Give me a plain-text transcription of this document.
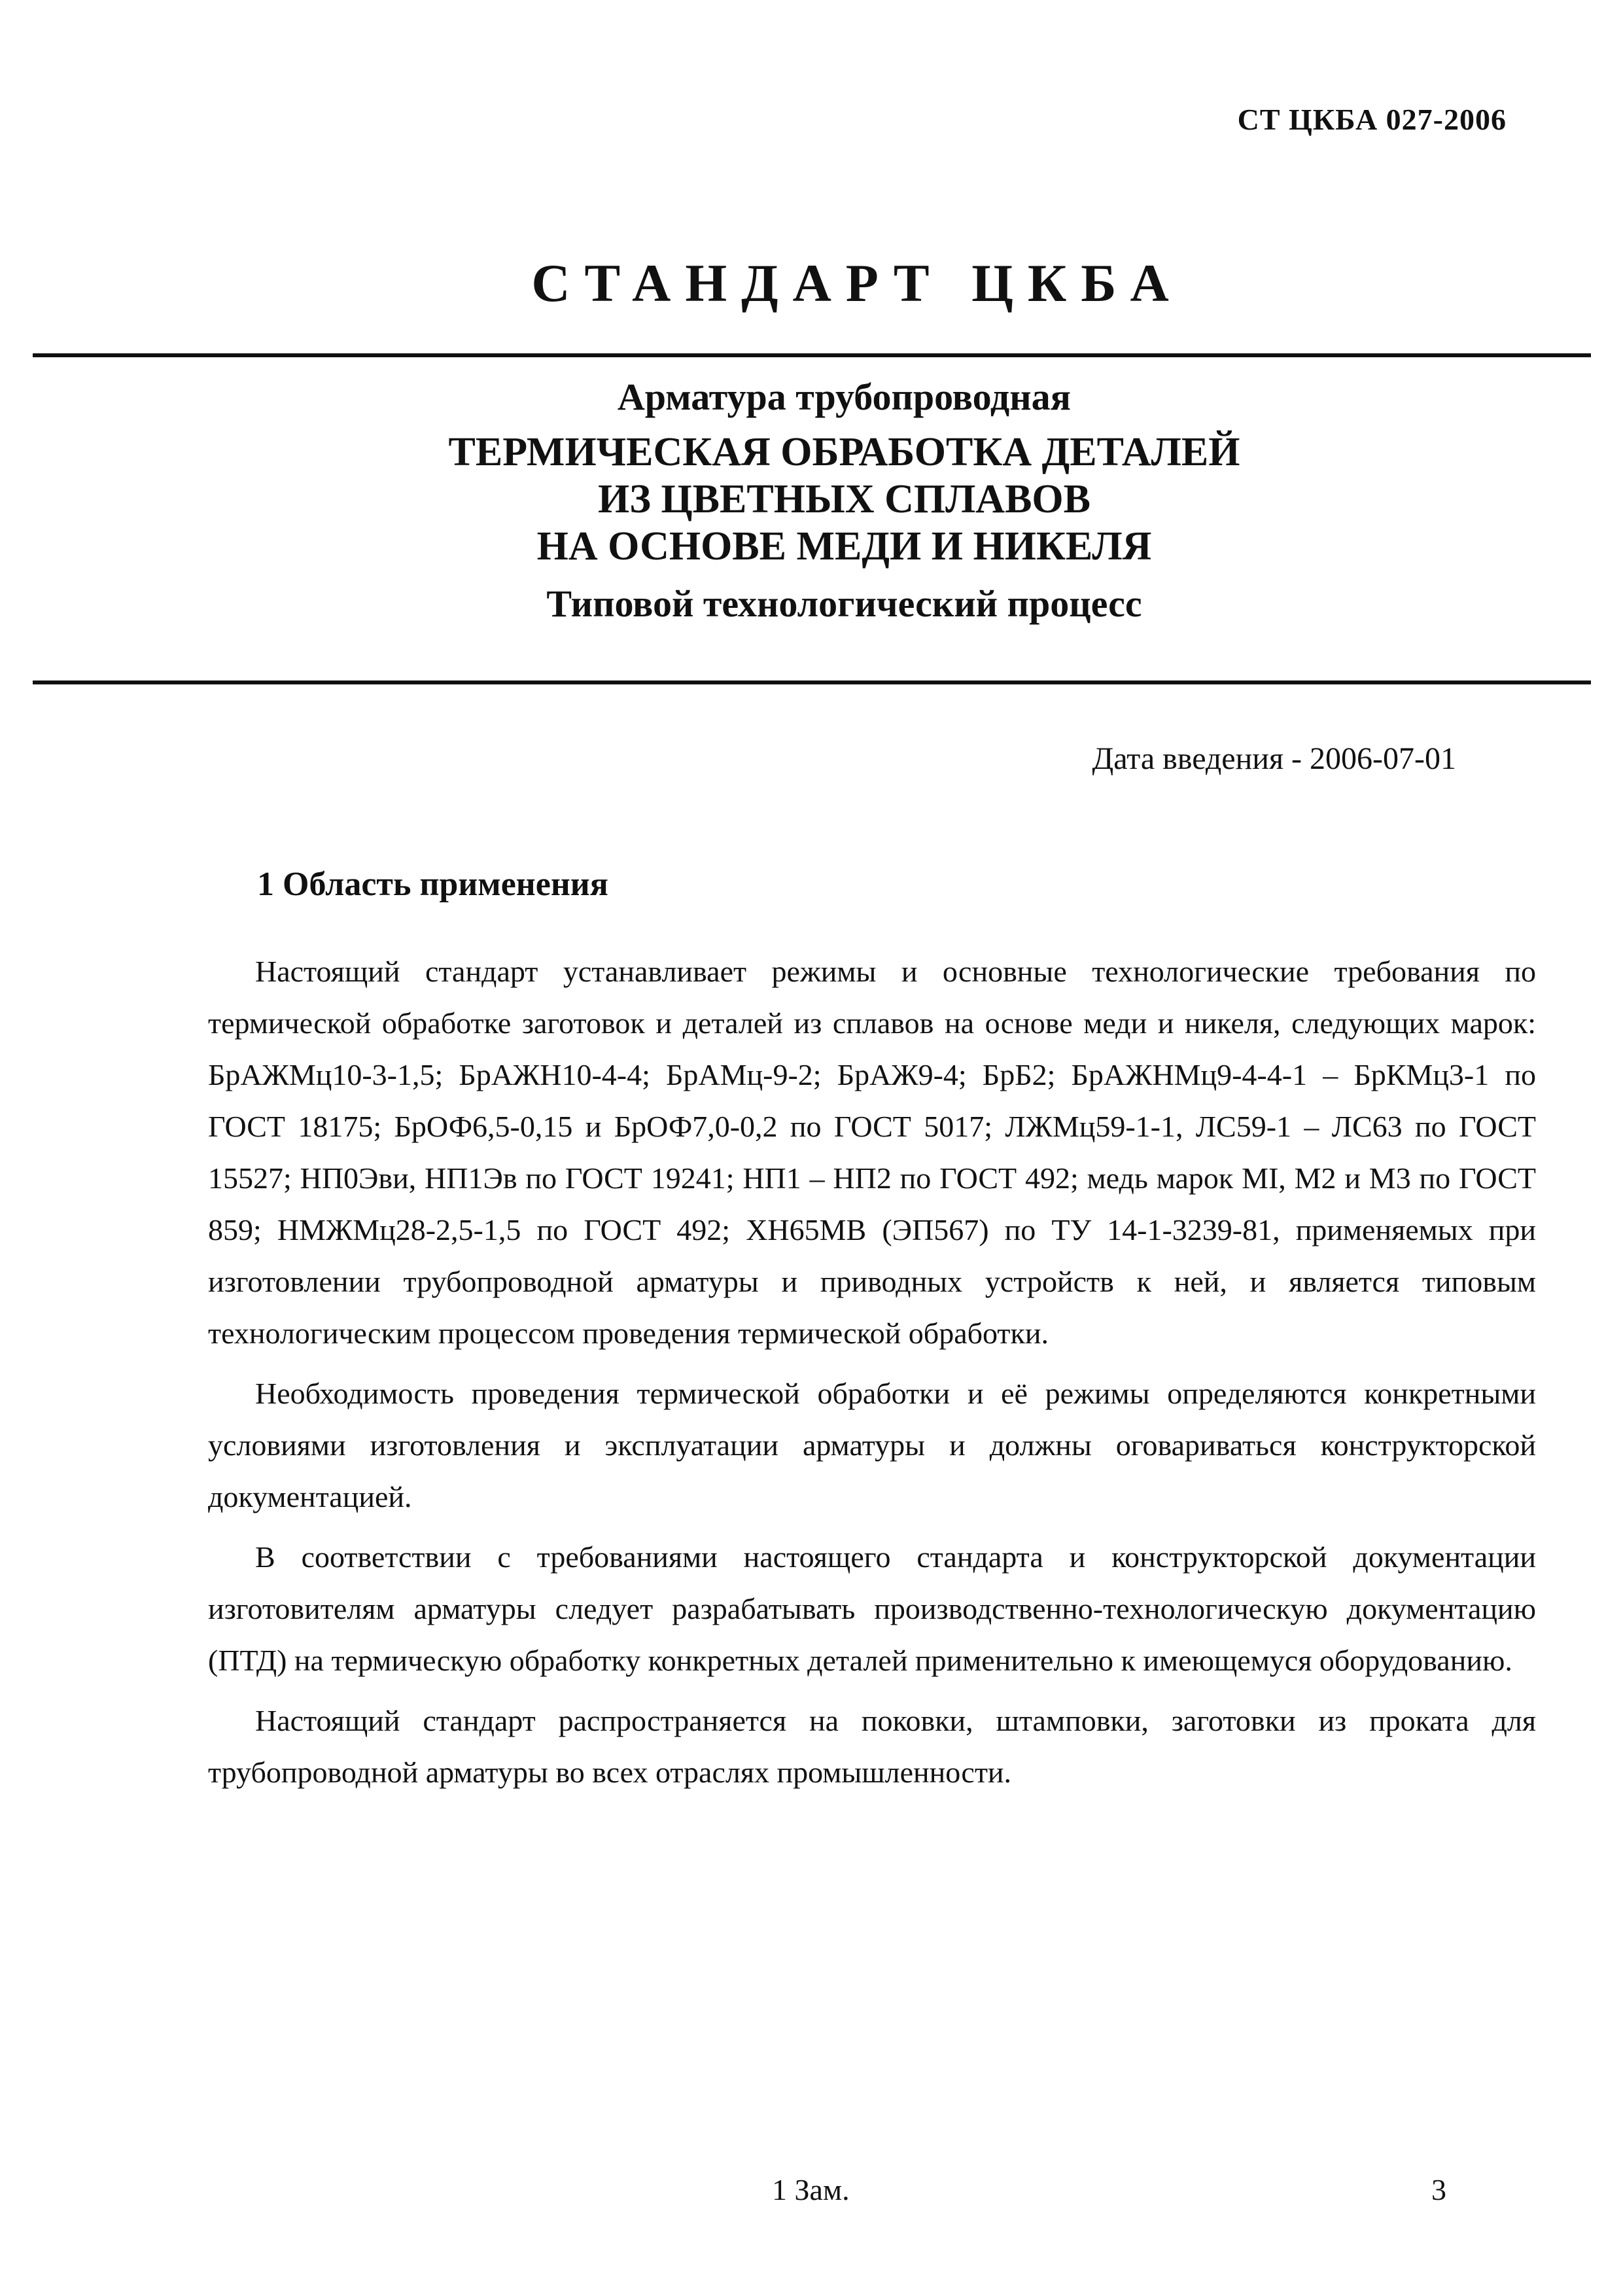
СТ ЦКБА 027-2006
СТАНДАРТ ЦКБА
Арматура трубопроводная
ТЕРМИЧЕСКАЯ ОБРАБОТКА ДЕТАЛЕЙ
ИЗ ЦВЕТНЫХ СПЛАВОВ
НА ОСНОВЕ МЕДИ И НИКЕЛЯ
Типовой технологический процесс
Дата введения - 2006-07-01
1 Область применения

Настоящий стандарт устанавливает режимы и основные технологические требования по термической обработке заготовок и деталей из сплавов на основе меди и никеля, следующих марок: БрАЖМц10-3-1,5; БрАЖН10-4-4; БрАМц-9-2; БрАЖ9-4; БрБ2; БрАЖНМц9-4-4-1 – БрКМц3-1 по ГОСТ 18175; БрОФ6,5-0,15 и БрОФ7,0-0,2 по ГОСТ 5017; ЛЖМц59-1-1, ЛС59-1 – ЛС63 по ГОСТ 15527; НП0Эви, НП1Эв по ГОСТ 19241; НП1 – НП2 по ГОСТ 492; медь марок МI, М2 и М3 по ГОСТ 859; НМЖМц28-2,5-1,5 по ГОСТ 492; ХН65МВ (ЭП567) по ТУ 14-1-3239-81, применяемых при изготовлении трубопроводной арматуры и приводных устройств к ней, и является типовым технологическим процессом проведения термической обработки.

Необходимость проведения термической обработки и её режимы определяются конкретными условиями изготовления и эксплуатации арматуры и должны оговариваться конструкторской документацией.

В соответствии с требованиями настоящего стандарта и конструкторской документации изготовителям арматуры следует разрабатывать производственно-технологическую документацию (ПТД) на термическую обработку конкретных деталей применительно к имеющемуся оборудованию.

Настоящий стандарт распространяется на поковки, штамповки, заготовки из проката для трубопроводной арматуры во всех отраслях промышленности.

1 Зам.	3
